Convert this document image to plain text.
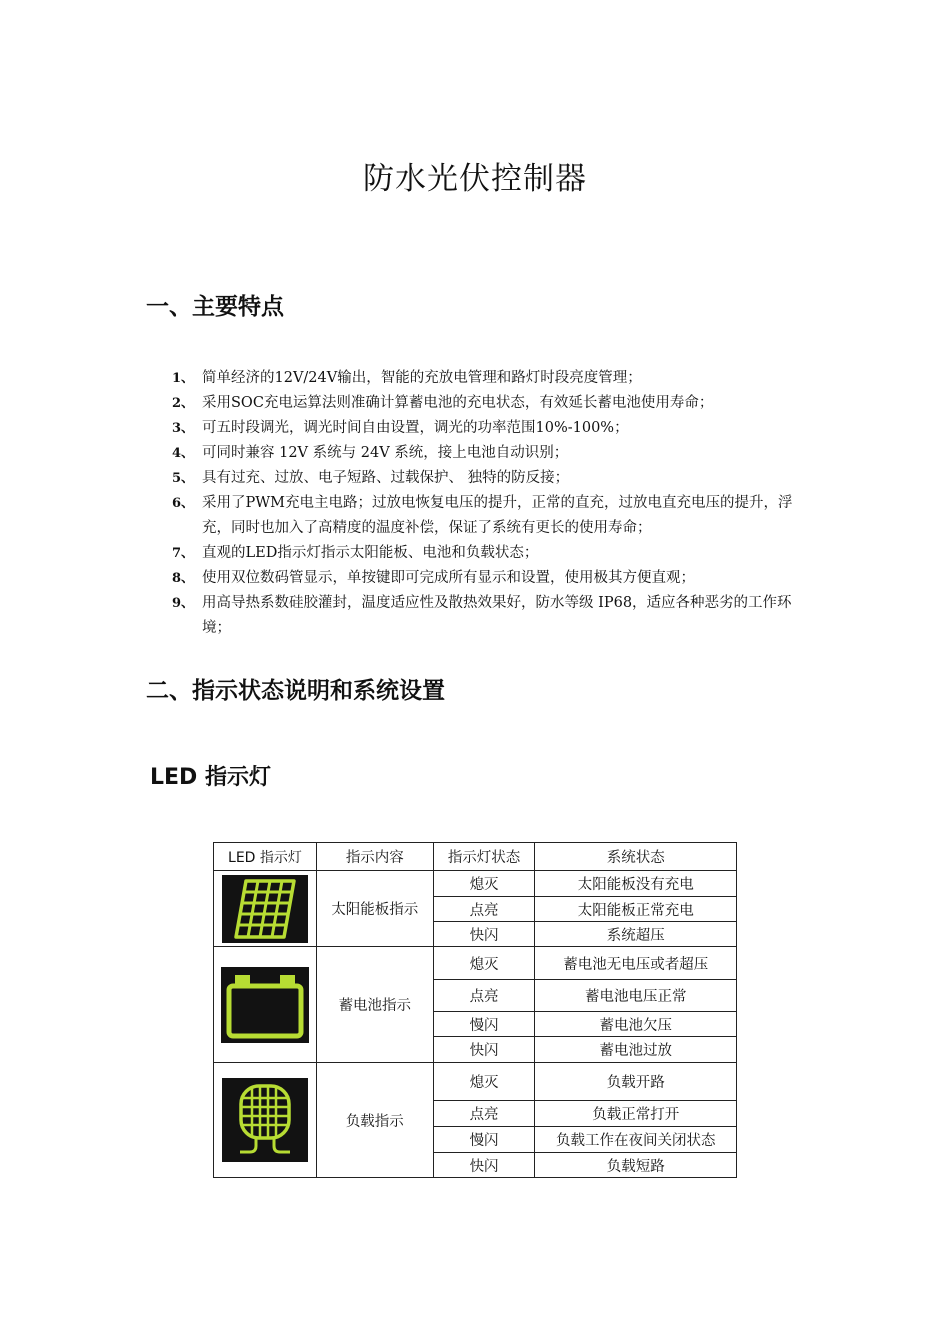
防水光伏控制器
一、主要特点
1、 简单经济的12V/24V输出，智能的充放电管理和路灯时段亮度管理；
2、 采用SOC充电运算法则准确计算蓄电池的充电状态，有效延长蓄电池使用寿命；
3、 可五时段调光，调光时间自由设置，调光的功率范围10%-100%；
4、 可同时兼容 12V 系统与 24V 系统，接上电池自动识别；
5、 具有过充、过放、电子短路、过载保护、 独特的防反接；
6、 采用了PWM充电主电路；过放电恢复电压的提升，正常的直充，过放电直充电压的提升，浮充，同时也加入了高精度的温度补偿，保证了系统有更长的使用寿命；
7、 直观的LED指示灯指示太阳能板、电池和负载状态；
8、 使用双位数码管显示，单按键即可完成所有显示和设置，使用极其方便直观；
9、 用高导热系数硅胶灌封，温度适应性及散热效果好，防水等级 IP68，适应各种恶劣的工作环境；
二、指示状态说明和系统设置
LED 指示灯
LED 指示灯	指示内容	指示灯状态	系统状态

	太阳能板指示	熄灭	太阳能板没有充电
		点亮	太阳能板正常充电
		快闪	系统超压

	蓄电池指示	熄灭	蓄电池无电压或者超压
		点亮	蓄电池电压正常
		慢闪	蓄电池欠压
		快闪	蓄电池过放

	负载指示	熄灭	负载开路
		点亮	负载正常打开
		慢闪	负载工作在夜间关闭状态
		快闪	负载短路
